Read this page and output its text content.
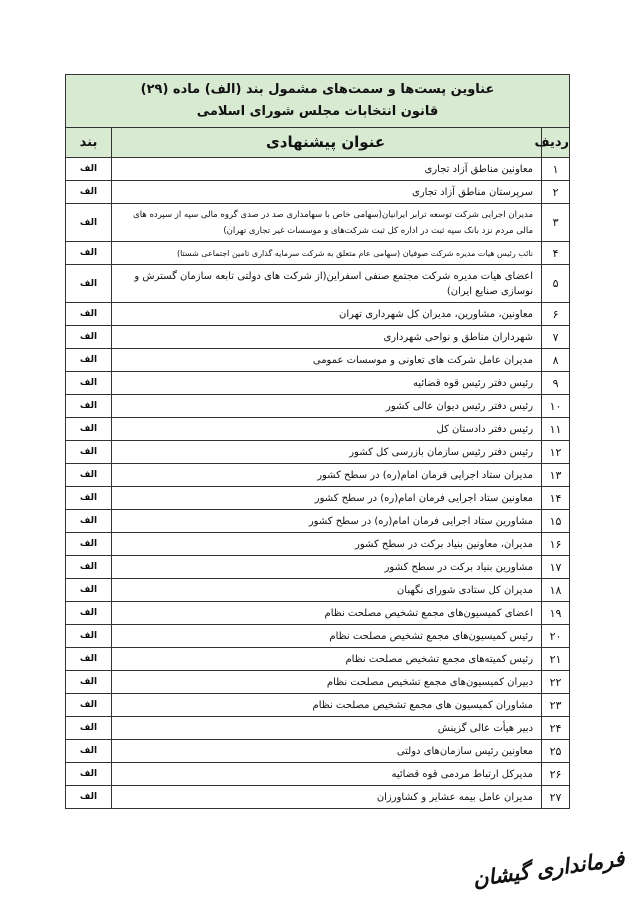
عناوین پست‌ها و سمت‌های مشمول بند (الف) ماده (۲۹)
قانون انتخابات مجلس شورای اسلامی		

ردیف	عنوان پیشنهادی	بند
۱	معاونین مناطق آزاد تجاری	الف
۲	سرپرستان مناطق آزاد تجاری	الف
۳	مدیران اجرایی شرکت توسعه ترابر ایرانیان(سهامی خاص با سهامداری صد در صدی گروه مالی سپه از سپرده های مالی مردم نزد بانک سپه ثبت در اداره کل ثبت شرکت‌های و موسسات غیر تجاری تهران)	الف
۴	نائب رئیس هیات مدیره شرکت صوفیان (سهامی عام متعلق به شرکت سرمایه گذاری تامین اجتماعی شستا)	الف
۵	اعضای هیات مدیره شرکت مجتمع صنفی اسفراین(از شرکت های دولتی تابعه سازمان گسترش و نوسازی صنایع ایران)	الف
۶	معاونین، مشاورین، مدیران کل شهرداری تهران	الف
۷	شهرداران مناطق و نواحی شهرداری	الف
۸	مدیران عامل شرکت های تعاونی و موسسات عمومی	الف
۹	رئیس دفتر رئیس قوه قضائیه	الف
۱۰	رئیس دفتر رئیس دیوان عالی کشور	الف
۱۱	رئیس دفتر دادستان کل	الف
۱۲	رئیس دفتر رئیس سازمان بازرسی کل کشور	الف
۱۳	مدیران ستاد اجرایی فرمان امام(ره) در سطح کشور	الف
۱۴	معاونین ستاد اجرایی فرمان امام(ره) در سطح کشور	الف
۱۵	مشاورین ستاد اجرایی فرمان امام(ره) در سطح کشور	الف
۱۶	مدیران، معاونین بنیاد برکت در سطح کشور	الف
۱۷	مشاورین بنیاد برکت در سطح کشور	الف
۱۸	مدیران کل ستادی شورای نگهبان	الف
۱۹	اعضای کمیسیون‌های مجمع تشخیص مصلحت نظام	الف
۲۰	رئیس کمیسیون‌های مجمع تشخیص مصلحت نظام	الف
۲۱	رئیس کمیته‌های مجمع تشخیص مصلحت نظام	الف
۲۲	دبیران کمیسیون‌های مجمع تشخیص مصلحت نظام	الف
۲۳	مشاوران کمیسیون های مجمع تشخیص مصلحت نظام	الف
۲۴	دبیر هیأت عالی گزینش	الف
۲۵	معاونین رئیس سازمان‌های دولتی	الف
۲۶	مدیرکل ارتباط مردمی قوه قضائیه	الف
۲۷	مدیران عامل بیمه عشایر و کشاورزان	الف
فرمانداری گیشان
